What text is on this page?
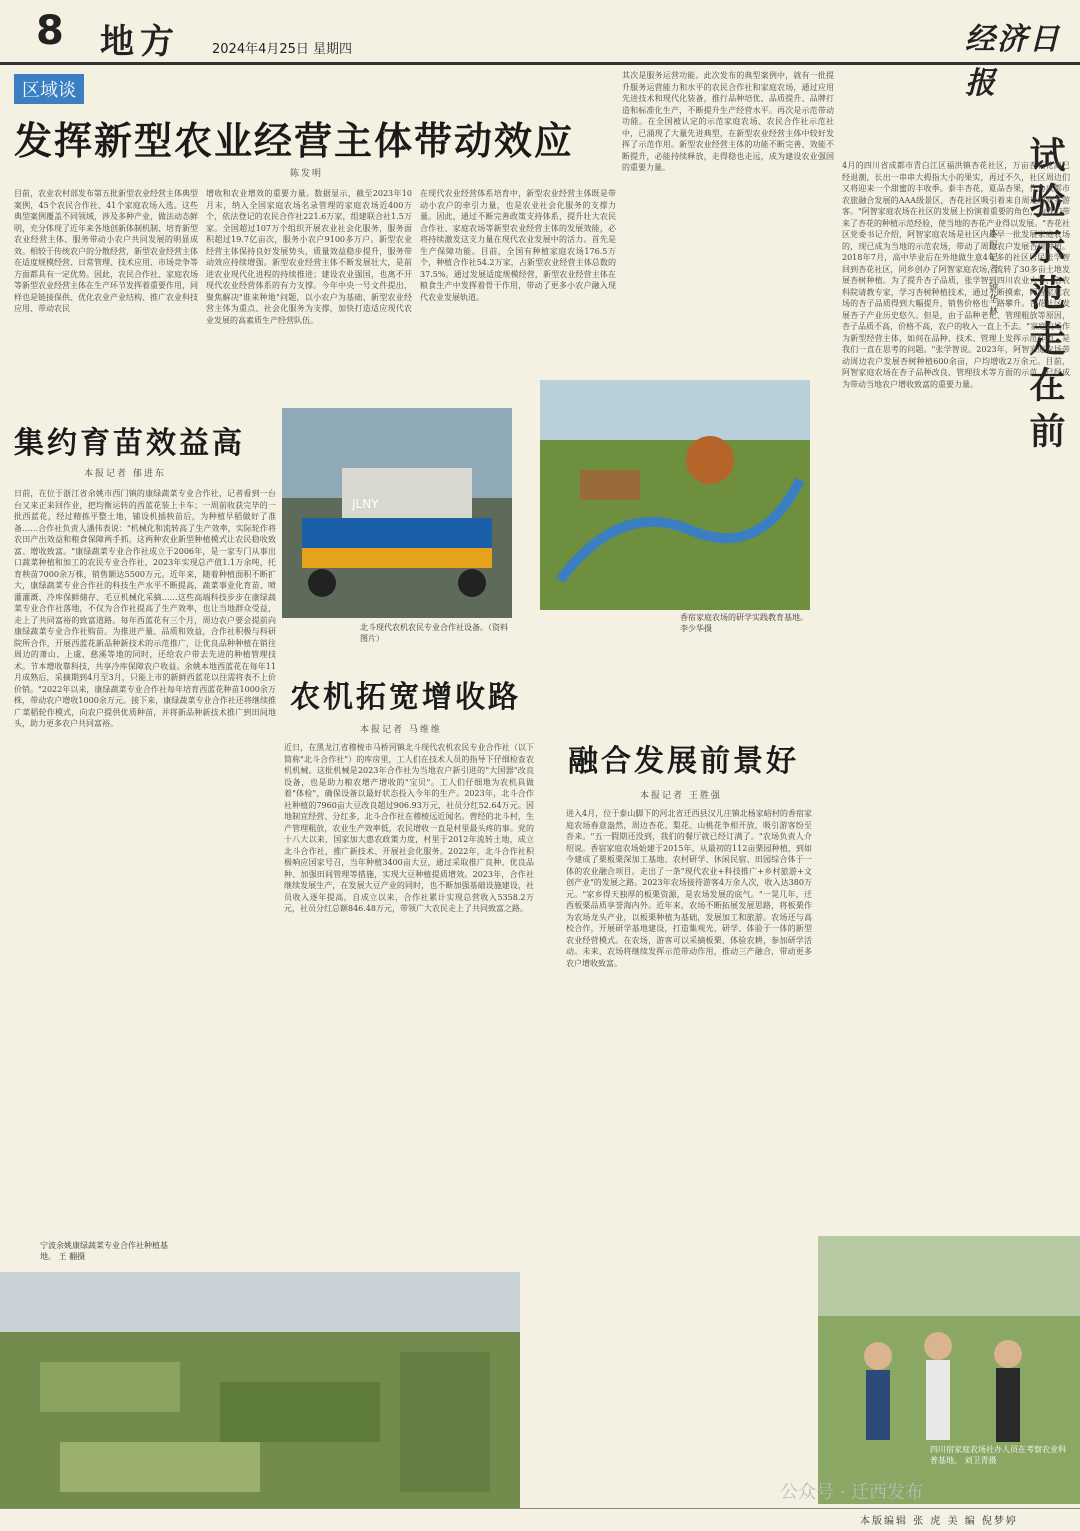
8 地方 2024年4月25日 星期四	经济日报
区域谈
发挥新型农业经营主体带动效应
陈发明
目前，农业农村部发布第五批新型农业经营主体典型案例，45个农民合作社、41个家庭农场入选。这些典型案例覆盖不同领域，涉及多种产业，做法动态鲜明，充分体现了近年来各地创新体制机制、培育新型农业经营主体、服务带动小农户共同发展的明显成效。相较于传统农户的分散经营，新型农业经营主体在适度规模经营、日常管理、技术应用、市场竞争等方面都具有一定优势。因此，农民合作社、家庭农场等新型农业经营主体在生产环节发挥着重要作用，同样也是链接保供、优化农业产业结构、推广农业科技应用、带动农民
增收和农业增效的重要力量。数据显示，截至2023年10月末，纳入全国家庭农场名录管理的家庭农场近400万个，依法登记的农民合作社221.6万家，组建联合社1.5万家。全国超过107万个组织开展农业社会化服务，服务面积超过19.7亿亩次，服务小农户9100多万户。新型农业经营主体保持良好发展势头，质量效益稳步提升，服务带动效应持续增强。新型农业经营主体不断发展壮大，是前进农业现代化进程的持续推进；建设农业强国，也离不开现代农业经营体系的有力支撑。今年中央一号文件提出，聚焦解决"谁来种地"问题，以小农户为基础、新型农业经营主体为重点、社会化服务为支撑，加快打造适应现代农业发展的高素质生产经营队伍。
在现代农业经营体系培育中，新型农业经营主体既是带动小农户的牵引力量，也是农业社会化服务的支撑力量。因此，通过不断完善政策支持体系，提升壮大农民合作社、家庭农场等新型农业经营主体的发展效能，必将持续激发这支力量在现代农业发展中的活力。首先是生产保障功能。目前，全国有种植家庭农场176.5万个，种植合作社54.2万家，占新型农业经营主体总数的37.5%。通过发展适度规模经营，新型农业经营主体在粮食生产中发挥着骨干作用，带动了更多小农户融入现代农业发展轨道。
其次是服务运营功能。此次发布的典型案例中，就有一批提升服务运营能力和水平的农民合作社和家庭农场，通过应用先进技术和现代化装备，推行品种培优、品质提升、品牌打造和标准化生产，不断提升生产经营水平。再次是示范带动功能。在全国被认定的示范家庭农场、农民合作社示范社中，已涌现了大量先进典型，在新型农业经营主体中较好发挥了示范作用。新型农业经营主体的功能不断完善、效能不断提升，必能持续释放，走得稳也走远，成为建设农业强国的重要力量。
JLNY
北斗现代农机农民专业合作社设备。（资料图片）
香宿家庭农场的研学实践教育基地。 李少华摄
集约育苗效益高
本报记者 郁进东
日前，在位于浙江省余姚市西门镇的康绿蔬菜专业合作社，记者看到一台台又来正来回作业，把均衡运转的西蓝花装上卡车；一周前收获完毕的一批西蓝花，经过精拣平整土地，铺设机插秧苗后，为种植早稻做好了准备……合作社负责人潘伟表说："机械化和流转高了生产效率，实际轮作将农田产出效益和粮食保障两手抓，这两种农业新型种植模式让农民稳收致富、增收致富。"康绿蔬菜专业合作社成立于2006年，是一家专门从事出口蔬菜种植和加工的农民专业合作社，2023年实现总产值1.1万余吨，托育秧苗7000余万株，销售额达5500万元。近年来，随着种植面积不断扩大，康绿蔬菜专业合作社的科技生产水平不断提高，蔬菜事业化育苗、喷灌灌溉、冷库保鲜储存、毛豆机械化采摘……这些高端科技步步在康绿蔬菜专业合作社落地，不仅为合作社提高了生产效率，也让当地群众受益，走上了共同富裕的致富道路。每年西蓝花有三个月，周边农户要会提前向康绿蔬菜专业合作社购苗。为推进产量、品质和效益，合作社积极与科研院所合作，开展西蓝花新品种新技术的示范推广，让优良品种种植在销往周边的萧山、上虞、慈溪等地的同时，还给农户带去先进的种植管理技术。节本增收靠科技，共享冷库保障农户收益。余姚本地西蓝花在每年11月成熟后，采摘期到4月至3月，只能上市的新鲜西蓝花以往需将表不上价价销。"2022年以来，康绿蔬菜专业合作社每年培育西蓝花种苗1000余万株，带动农户增收1000余万元。接下来，康绿蔬菜专业合作社还将继续推广菜稻轮作模式，向农户提供优质种苗，并将新品种新技术推广到田间地头，助力更多农户共同富裕。
宁波余姚康绿蔬菜专业合作社种植基地。 王 翻摄
农机拓宽增收路
本报记者 马维维
近日，在黑龙江省穆棱市马桥河镇北斗现代农机农民专业合作社（以下简称"北斗合作社"）的库房里，工人们在技术人员的指导下仔细检查农机机械。这批机械是2023年合作社为当地农户新引进的"大国器"改良设备，也是助力粮农增产增收的"宝贝"。工人们仔细地为农机具做着"体检"，确保设备以最好状态投入今年的生产。2023年，北斗合作社种植的7960亩大豆改良超过906.93万元，社员分红52.64万元。因地制宜经营、分红多，北斗合作社在穆棱远近闻名。曾经的北斗村，生产管理粗放，农业生产效率低，农民增收一直是村里最头疼的事。党的十八大以来，国家加大惠农政策力度，村里于2012年流转土地，成立北斗合作社，推广新技术、开展社会化服务。2022年，北斗合作社积极响应国家号召，当年种植3400亩大豆，通过采取推广良种、优良品种、加强田间管理等措施，实现大豆种植提质增效。2023年，合作社继续发展生产，在发展大豆产业的同时，也不断加强基础设施建设，社员收入逐年提高，自成立以来，合作社累计实现总营收入5358.2万元，社员分红总额846.48万元，带领广大农民走上了共同致富之路。
融合发展前景好
本报记者 王胜强
进入4月，位于泰山脚下的河北省迁西县汉儿庄镇北杨家峪村的香宿家庭农场春意盎然，周边杏花、梨花、山桃花争相开放，吸引游客纷至沓来。"五一假期还没到，我们的餐厅就已经订满了。"农场负责人介绍说。香宿家庭农场始建于2015年，从最初的112亩栗园种植，到如今建成了栗板栗深加工基地、农村研学、休闲民宿、田园综合体于一体的农业融合项目。走出了一条"现代农业+科技推广+乡村旅游+文创产业"的发展之路。2023年农场接待游客4万余人次，收入达380万元。"家乡得天独厚的板栗资源，是农场发展的底气。"一晃几年，迁西板栗品质享誉海内外。近年来，农场不断拓展发展思路，将板栗作为农场龙头产业，以板栗种植为基础，发展加工和旅游。农场还与高校合作，开展研学基地建设，打造集观光、研学、体验于一体的新型农业经营模式。在农场，游客可以采摘板栗、体验农耕，参加研学活动。未来，农场将继续发挥示范带动作用，推动三产融合，带动更多农户增收致富。
试验示范走在前
本报记者 钟华林
4月的四川省成都市青白江区福洪镇杏花社区，万亩杏花花海已经退潮，长出一串串大拇指大小的果实，再过不久，社区周边们又将迎来一个甜蜜的丰收季。泰丰杏花，夏品杏果，作为成都市农旅融合发展的AAA级景区，杏花社区吸引着来自周边的众多游客。"阿智家庭农场在社区的发展上扮演着重要的角色，为我们带来了杏花的种植示范经验，使当地的杏花产业得以发展。"杏花社区党委书记介绍，阿智家庭农场是社区内最早一批发展家庭农场的，现已成为当地的示范农场，带动了周边农户发展杏树种植。2018年7月，高中毕业后在外地做生意4年多的社区居民张学智回到杏花社区，同乡创办了阿智家庭农场，流转了30多亩土地发展杏树种植。为了提升杏子品质，张学智到四川农业大学、省农科院请教专家，学习杏树种植技术，通过不断摸索，阿智家庭农场的杏子品质得到大幅提升，销售价格也一路攀升。杏花社区发展杏子产业历史悠久。但是，由于品种老化、管理粗放等原因，杏子品质不高，价格不高，农户的收入一直上不去。"家庭农场作为新型经营主体，如何在品种、技术、管理上发挥示范作用，是我们一直在思考的问题。"张学智说。2023年，阿智家庭农场带动周边农户发展杏树种植600余亩，户均增收2万余元。目前，阿智家庭农场在杏子品种改良、管理技术等方面的示范，已经成为带动当地农户增收致富的重要力量。
四川宿家庭农场社办人员在考察农业科普基地。 刘卫青摄
公众号 · 迁西发布
本版编辑 张 虎 美 编 倪梦婷
